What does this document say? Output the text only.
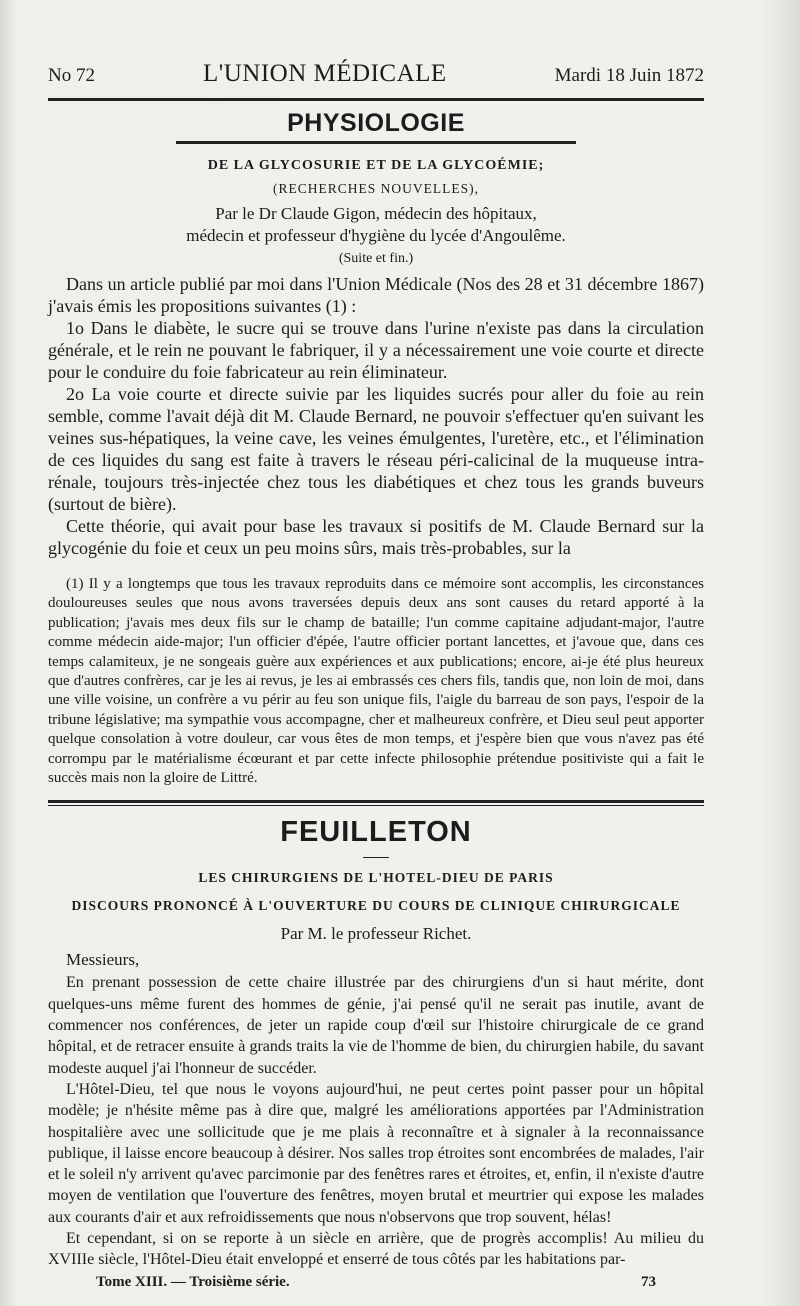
No 72	L'UNION MÉDICALE	Mardi 18 Juin 1872
PHYSIOLOGIE
DE LA GLYCOSURIE ET DE LA GLYCOÉMIE;
(RECHERCHES NOUVELLES),
Par le Dr Claude Gigon, médecin des hôpitaux,
médecin et professeur d'hygiène du lycée d'Angoulême.
(Suite et fin.)

Dans un article publié par moi dans l'Union Médicale (Nos des 28 et 31 décembre 1867) j'avais émis les propositions suivantes (1) :

1o Dans le diabète, le sucre qui se trouve dans l'urine n'existe pas dans la circulation générale, et le rein ne pouvant le fabriquer, il y a nécessairement une voie courte et directe pour le conduire du foie fabricateur au rein éliminateur.

2o La voie courte et directe suivie par les liquides sucrés pour aller du foie au rein semble, comme l'avait déjà dit M. Claude Bernard, ne pouvoir s'effectuer qu'en suivant les veines sus-hépatiques, la veine cave, les veines émulgentes, l'uretère, etc., et l'élimination de ces liquides du sang est faite à travers le réseau péri-calicinal de la muqueuse intra-rénale, toujours très-injectée chez tous les diabétiques et chez tous les grands buveurs (surtout de bière).

Cette théorie, qui avait pour base les travaux si positifs de M. Claude Bernard sur la glycogénie du foie et ceux un peu moins sûrs, mais très-probables, sur la

(1) Il y a longtemps que tous les travaux reproduits dans ce mémoire sont accomplis, les circonstances douloureuses seules que nous avons traversées depuis deux ans sont causes du retard apporté à la publication; j'avais mes deux fils sur le champ de bataille; l'un comme capitaine adjudant-major, l'autre comme médecin aide-major; l'un officier d'épée, l'autre officier portant lancettes, et j'avoue que, dans ces temps calamiteux, je ne songeais guère aux expériences et aux publications; encore, ai-je été plus heureux que d'autres confrères, car je les ai revus, je les ai embrassés ces chers fils, tandis que, non loin de moi, dans une ville voisine, un confrère a vu périr au feu son unique fils, l'aigle du barreau de son pays, l'espoir de la tribune législative; ma sympathie vous accompagne, cher et malheureux confrère, et Dieu seul peut apporter quelque consolation à votre douleur, car vous êtes de mon temps, et j'espère bien que vous n'avez pas été corrompu par le matérialisme écœurant et par cette infecte philosophie prétendue positiviste qui a fait le succès mais non la gloire de Littré.

FEUILLETON
LES CHIRURGIENS DE L'HOTEL-DIEU DE PARIS
DISCOURS PRONONCÉ À L'OUVERTURE DU COURS DE CLINIQUE CHIRURGICALE
Par M. le professeur Richet.
Messieurs,

En prenant possession de cette chaire illustrée par des chirurgiens d'un si haut mérite, dont quelques-uns même furent des hommes de génie, j'ai pensé qu'il ne serait pas inutile, avant de commencer nos conférences, de jeter un rapide coup d'œil sur l'histoire chirurgicale de ce grand hôpital, et de retracer ensuite à grands traits la vie de l'homme de bien, du chirurgien habile, du savant modeste auquel j'ai l'honneur de succéder.

L'Hôtel-Dieu, tel que nous le voyons aujourd'hui, ne peut certes point passer pour un hôpital modèle; je n'hésite même pas à dire que, malgré les améliorations apportées par l'Administration hospitalière avec une sollicitude que je me plais à reconnaître et à signaler à la reconnaissance publique, il laisse encore beaucoup à désirer. Nos salles trop étroites sont encombrées de malades, l'air et le soleil n'y arrivent qu'avec parcimonie par des fenêtres rares et étroites, et, enfin, il n'existe d'autre moyen de ventilation que l'ouverture des fenêtres, moyen brutal et meurtrier qui expose les malades aux courants d'air et aux refroidissements que nous n'observons que trop souvent, hélas!

Et cependant, si on se reporte à un siècle en arrière, que de progrès accomplis! Au milieu du XVIIIe siècle, l'Hôtel-Dieu était enveloppé et enserré de tous côtés par les habitations par-

Tome XIII. — Troisième série.	73
